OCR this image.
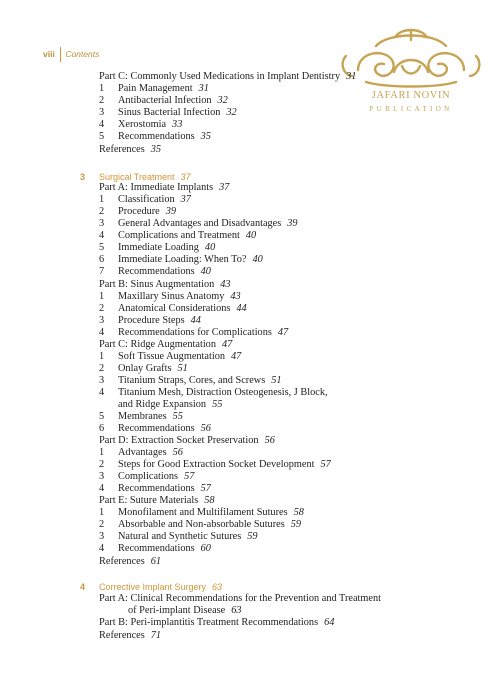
viii Contents
JAFARI NOVIN
PUBLICATION
Part C: Commonly Used Medications in Implant Dentistry 31
1 Pain Management 31
2 Antibacterial Infection 32
3 Sinus Bacterial Infection 32
4 Xerostomia 33
5 Recommendations 35
References 35
3 Surgical Treatment 37
Part A: Immediate Implants 37
1 Classification 37
2 Procedure 39
3 General Advantages and Disadvantages 39
4 Complications and Treatment 40
5 Immediate Loading 40
6 Immediate Loading: When To? 40
7 Recommendations 40
Part B: Sinus Augmentation 43
1 Maxillary Sinus Anatomy 43
2 Anatomical Considerations 44
3 Procedure Steps 44
4 Recommendations for Complications 47
Part C: Ridge Augmentation 47
1 Soft Tissue Augmentation 47
2 Onlay Grafts 51
3 Titanium Straps, Cores, and Screws 51
4 Titanium Mesh, Distraction Osteogenesis, J Block,
and Ridge Expansion 55
5 Membranes 55
6 Recommendations 56
Part D: Extraction Socket Preservation 56
1 Advantages 56
2 Steps for Good Extraction Socket Development 57
3 Complications 57
4 Recommendations 57
Part E: Suture Materials 58
1 Monofilament and Multifilament Sutures 58
2 Absorbable and Non-absorbable Sutures 59
3 Natural and Synthetic Sutures 59
4 Recommendations 60
References 61
4 Corrective Implant Surgery 63
Part A: Clinical Recommendations for the Prevention and Treatment
of Peri-implant Disease 63
Part B: Peri-implantitis Treatment Recommendations 64
References 71
